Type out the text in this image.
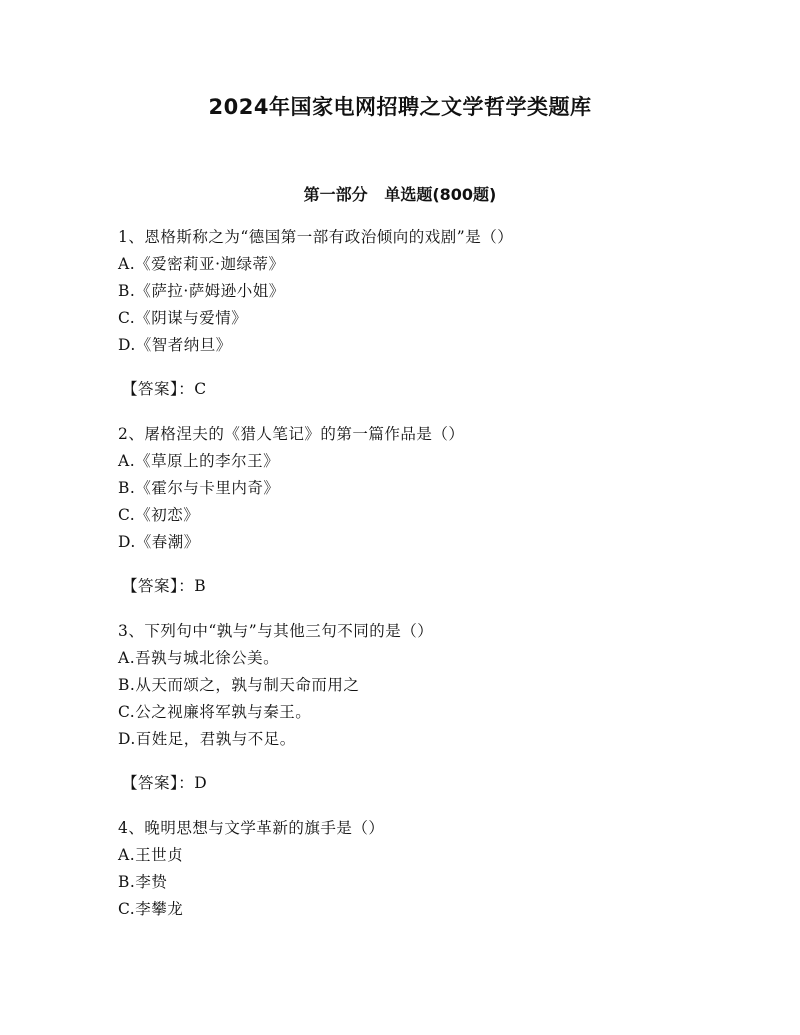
2024年国家电网招聘之文学哲学类题库
第一部分   单选题(800题)
1、恩格斯称之为“德国第一部有政治倾向的戏剧”是（）
A.《爱密莉亚·迦绿蒂》
B.《萨拉·萨姆逊小姐》
C.《阴谋与爱情》
D.《智者纳旦》
【答案】：C
2、屠格涅夫的《猎人笔记》的第一篇作品是（）
A.《草原上的李尔王》
B.《霍尔与卡里内奇》
C.《初恋》
D.《春潮》
【答案】：B
3、下列句中“孰与”与其他三句不同的是（）
A.吾孰与城北徐公美。
B.从天而颂之，孰与制天命而用之
C.公之视廉将军孰与秦王。
D.百姓足，君孰与不足。
【答案】：D
4、晚明思想与文学革新的旗手是（）
A.王世贞
B.李贽
C.李攀龙
